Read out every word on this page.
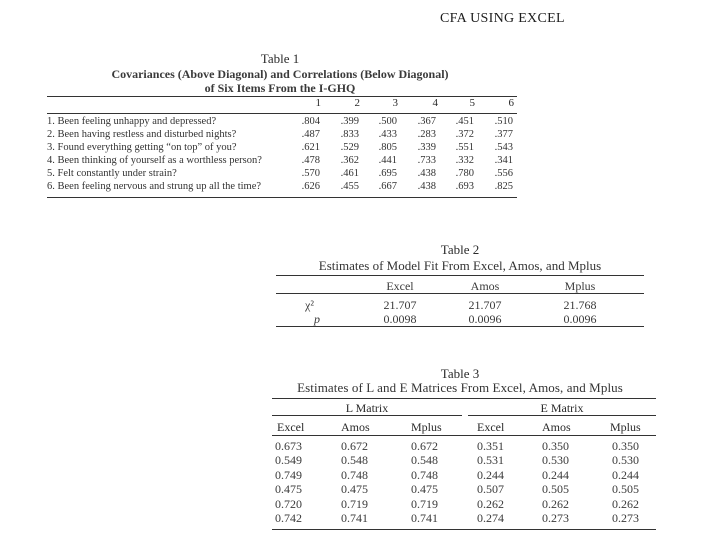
CFA USING EXCEL
Table 1
Covariances (Above Diagonal) and Correlations (Below Diagonal)
of Six Items From the I-GHQ
1	2	3	4	5	6
1. Been feeling unhappy and depressed?	.804	.399	.500	.367	.451	.510
2. Been having restless and disturbed nights?	.487	.833	.433	.283	.372	.377
3. Found everything getting “on top” of you?	.621	.529	.805	.339	.551	.543
4. Been thinking of yourself as a worthless person?	.478	.362	.441	.733	.332	.341
5. Felt constantly under strain?	.570	.461	.695	.438	.780	.556
6. Been feeling nervous and strung up all the time?	.626	.455	.667	.438	.693	.825
Table 2
Estimates of Model Fit From Excel, Amos, and Mplus
Excel	Amos	Mplus
χ²	21.707	21.707	21.768
p	0.0098	0.0096	0.0096
Table 3
Estimates of L and E Matrices From Excel, Amos, and Mplus
L Matrix	E Matrix
Excel	Amos	Mplus	Excel	Amos	Mplus
0.673	0.672	0.672	0.351	0.350	0.350
0.549	0.548	0.548	0.531	0.530	0.530
0.749	0.748	0.748	0.244	0.244	0.244
0.475	0.475	0.475	0.507	0.505	0.505
0.720	0.719	0.719	0.262	0.262	0.262
0.742	0.741	0.741	0.274	0.273	0.273
